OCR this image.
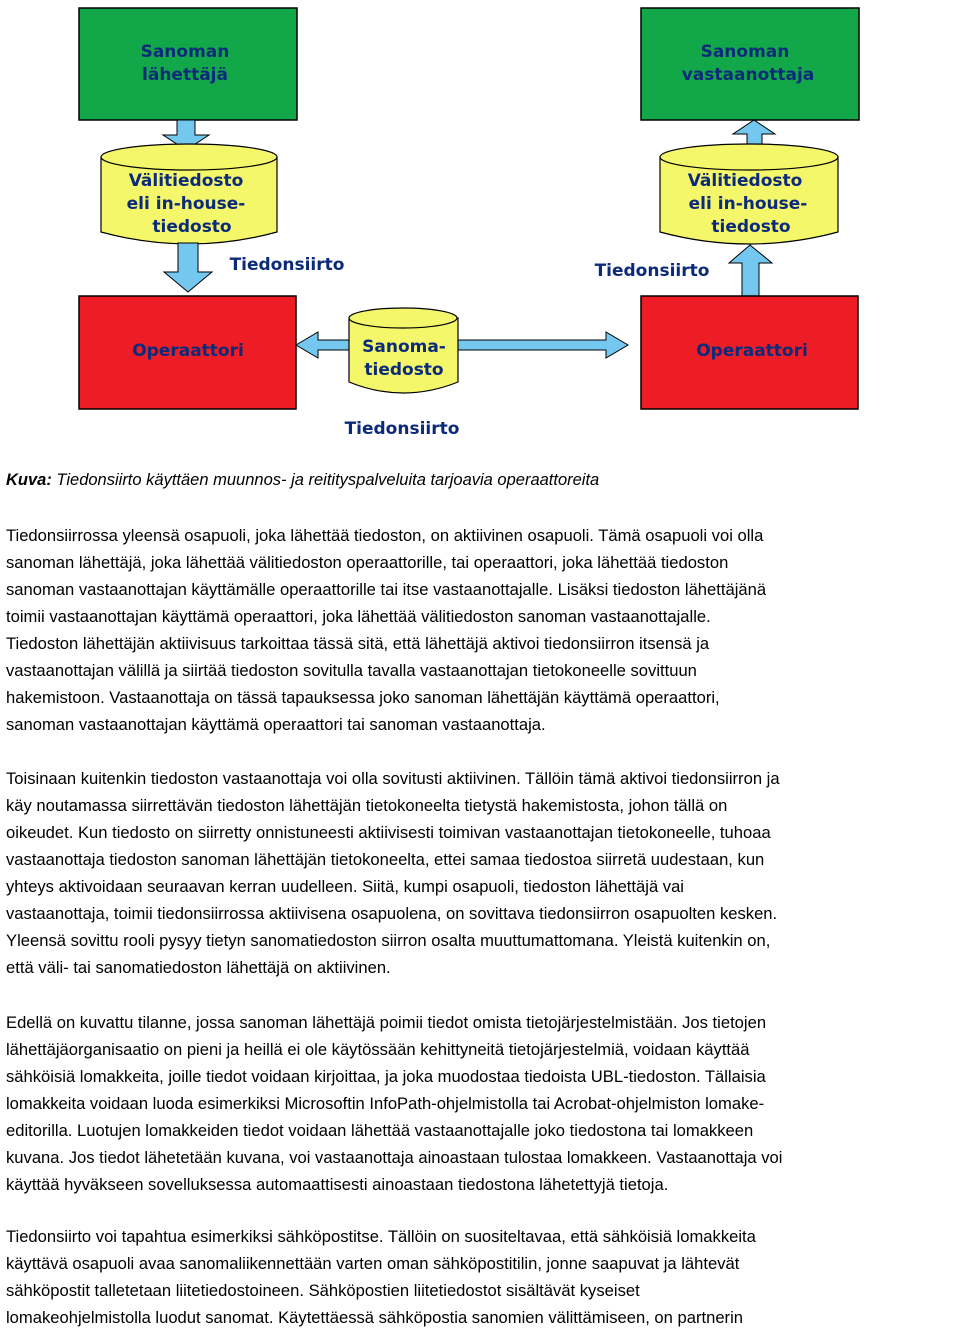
Sanoman
lähettäjä
Sanoman
vastaanottaja
Välitiedosto
eli in-house-
tiedosto
Välitiedosto
eli in-house-
tiedosto
Tiedonsiirto	Tiedonsiirto
Operaattori	Operaattori
Sanoma-
tiedosto
Tiedonsiirto
Kuva: Tiedonsiirto käyttäen muunnos- ja reitityspalveluita tarjoavia operaattoreita

Tiedonsiirrossa yleensä osapuoli, joka lähettää tiedoston, on aktiivinen osapuoli. Tämä osapuoli voi olla
sanoman lähettäjä, joka lähettää välitiedoston operaattorille, tai operaattori, joka lähettää tiedoston
sanoman vastaanottajan käyttämälle operaattorille tai itse vastaanottajalle. Lisäksi tiedoston lähettäjänä
toimii vastaanottajan käyttämä operaattori, joka lähettää välitiedoston sanoman vastaanottajalle.
Tiedoston lähettäjän aktiivisuus tarkoittaa tässä sitä, että lähettäjä aktivoi tiedonsiirron itsensä ja
vastaanottajan välillä ja siirtää tiedoston sovitulla tavalla vastaanottajan tietokoneelle sovittuun
hakemistoon. Vastaanottaja on tässä tapauksessa joko sanoman lähettäjän käyttämä operaattori,
sanoman vastaanottajan käyttämä operaattori tai sanoman vastaanottaja.

Toisinaan kuitenkin tiedoston vastaanottaja voi olla sovitusti aktiivinen. Tällöin tämä aktivoi tiedonsiirron ja
käy noutamassa siirrettävän tiedoston lähettäjän tietokoneelta tietystä hakemistosta, johon tällä on
oikeudet. Kun tiedosto on siirretty onnistuneesti aktiivisesti toimivan vastaanottajan tietokoneelle, tuhoaa
vastaanottaja tiedoston sanoman lähettäjän tietokoneelta, ettei samaa tiedostoa siirretä uudestaan, kun
yhteys aktivoidaan seuraavan kerran uudelleen. Siitä, kumpi osapuoli, tiedoston lähettäjä vai
vastaanottaja, toimii tiedonsiirrossa aktiivisena osapuolena, on sovittava tiedonsiirron osapuolten kesken.
Yleensä sovittu rooli pysyy tietyn sanomatiedoston siirron osalta muuttumattomana. Yleistä kuitenkin on,
että väli- tai sanomatiedoston lähettäjä on aktiivinen.

Edellä on kuvattu tilanne, jossa sanoman lähettäjä poimii tiedot omista tietojärjestelmistään. Jos tietojen
lähettäjäorganisaatio on pieni ja heillä ei ole käytössään kehittyneitä tietojärjestelmiä, voidaan käyttää
sähköisiä lomakkeita, joille tiedot voidaan kirjoittaa, ja joka muodostaa tiedoista UBL-tiedoston. Tällaisia
lomakkeita voidaan luoda esimerkiksi Microsoftin InfoPath-ohjelmistolla tai Acrobat-ohjelmiston lomake-
editorilla. Luotujen lomakkeiden tiedot voidaan lähettää vastaanottajalle joko tiedostona tai lomakkeen
kuvana. Jos tiedot lähetetään kuvana, voi vastaanottaja ainoastaan tulostaa lomakkeen. Vastaanottaja voi
käyttää hyväkseen sovelluksessa automaattisesti ainoastaan tiedostona lähetettyjä tietoja.

Tiedonsiirto voi tapahtua esimerkiksi sähköpostitse. Tällöin on suositeltavaa, että sähköisiä lomakkeita
käyttävä osapuoli avaa sanomaliikennettään varten oman sähköpostitilin, jonne saapuvat ja lähtevät
sähköpostit talletetaan liitetiedostoineen. Sähköpostien liitetiedostot sisältävät kyseiset
lomakeohjelmistolla luodut sanomat. Käytettäessä sähköpostia sanomien välittämiseen, on partnerin
